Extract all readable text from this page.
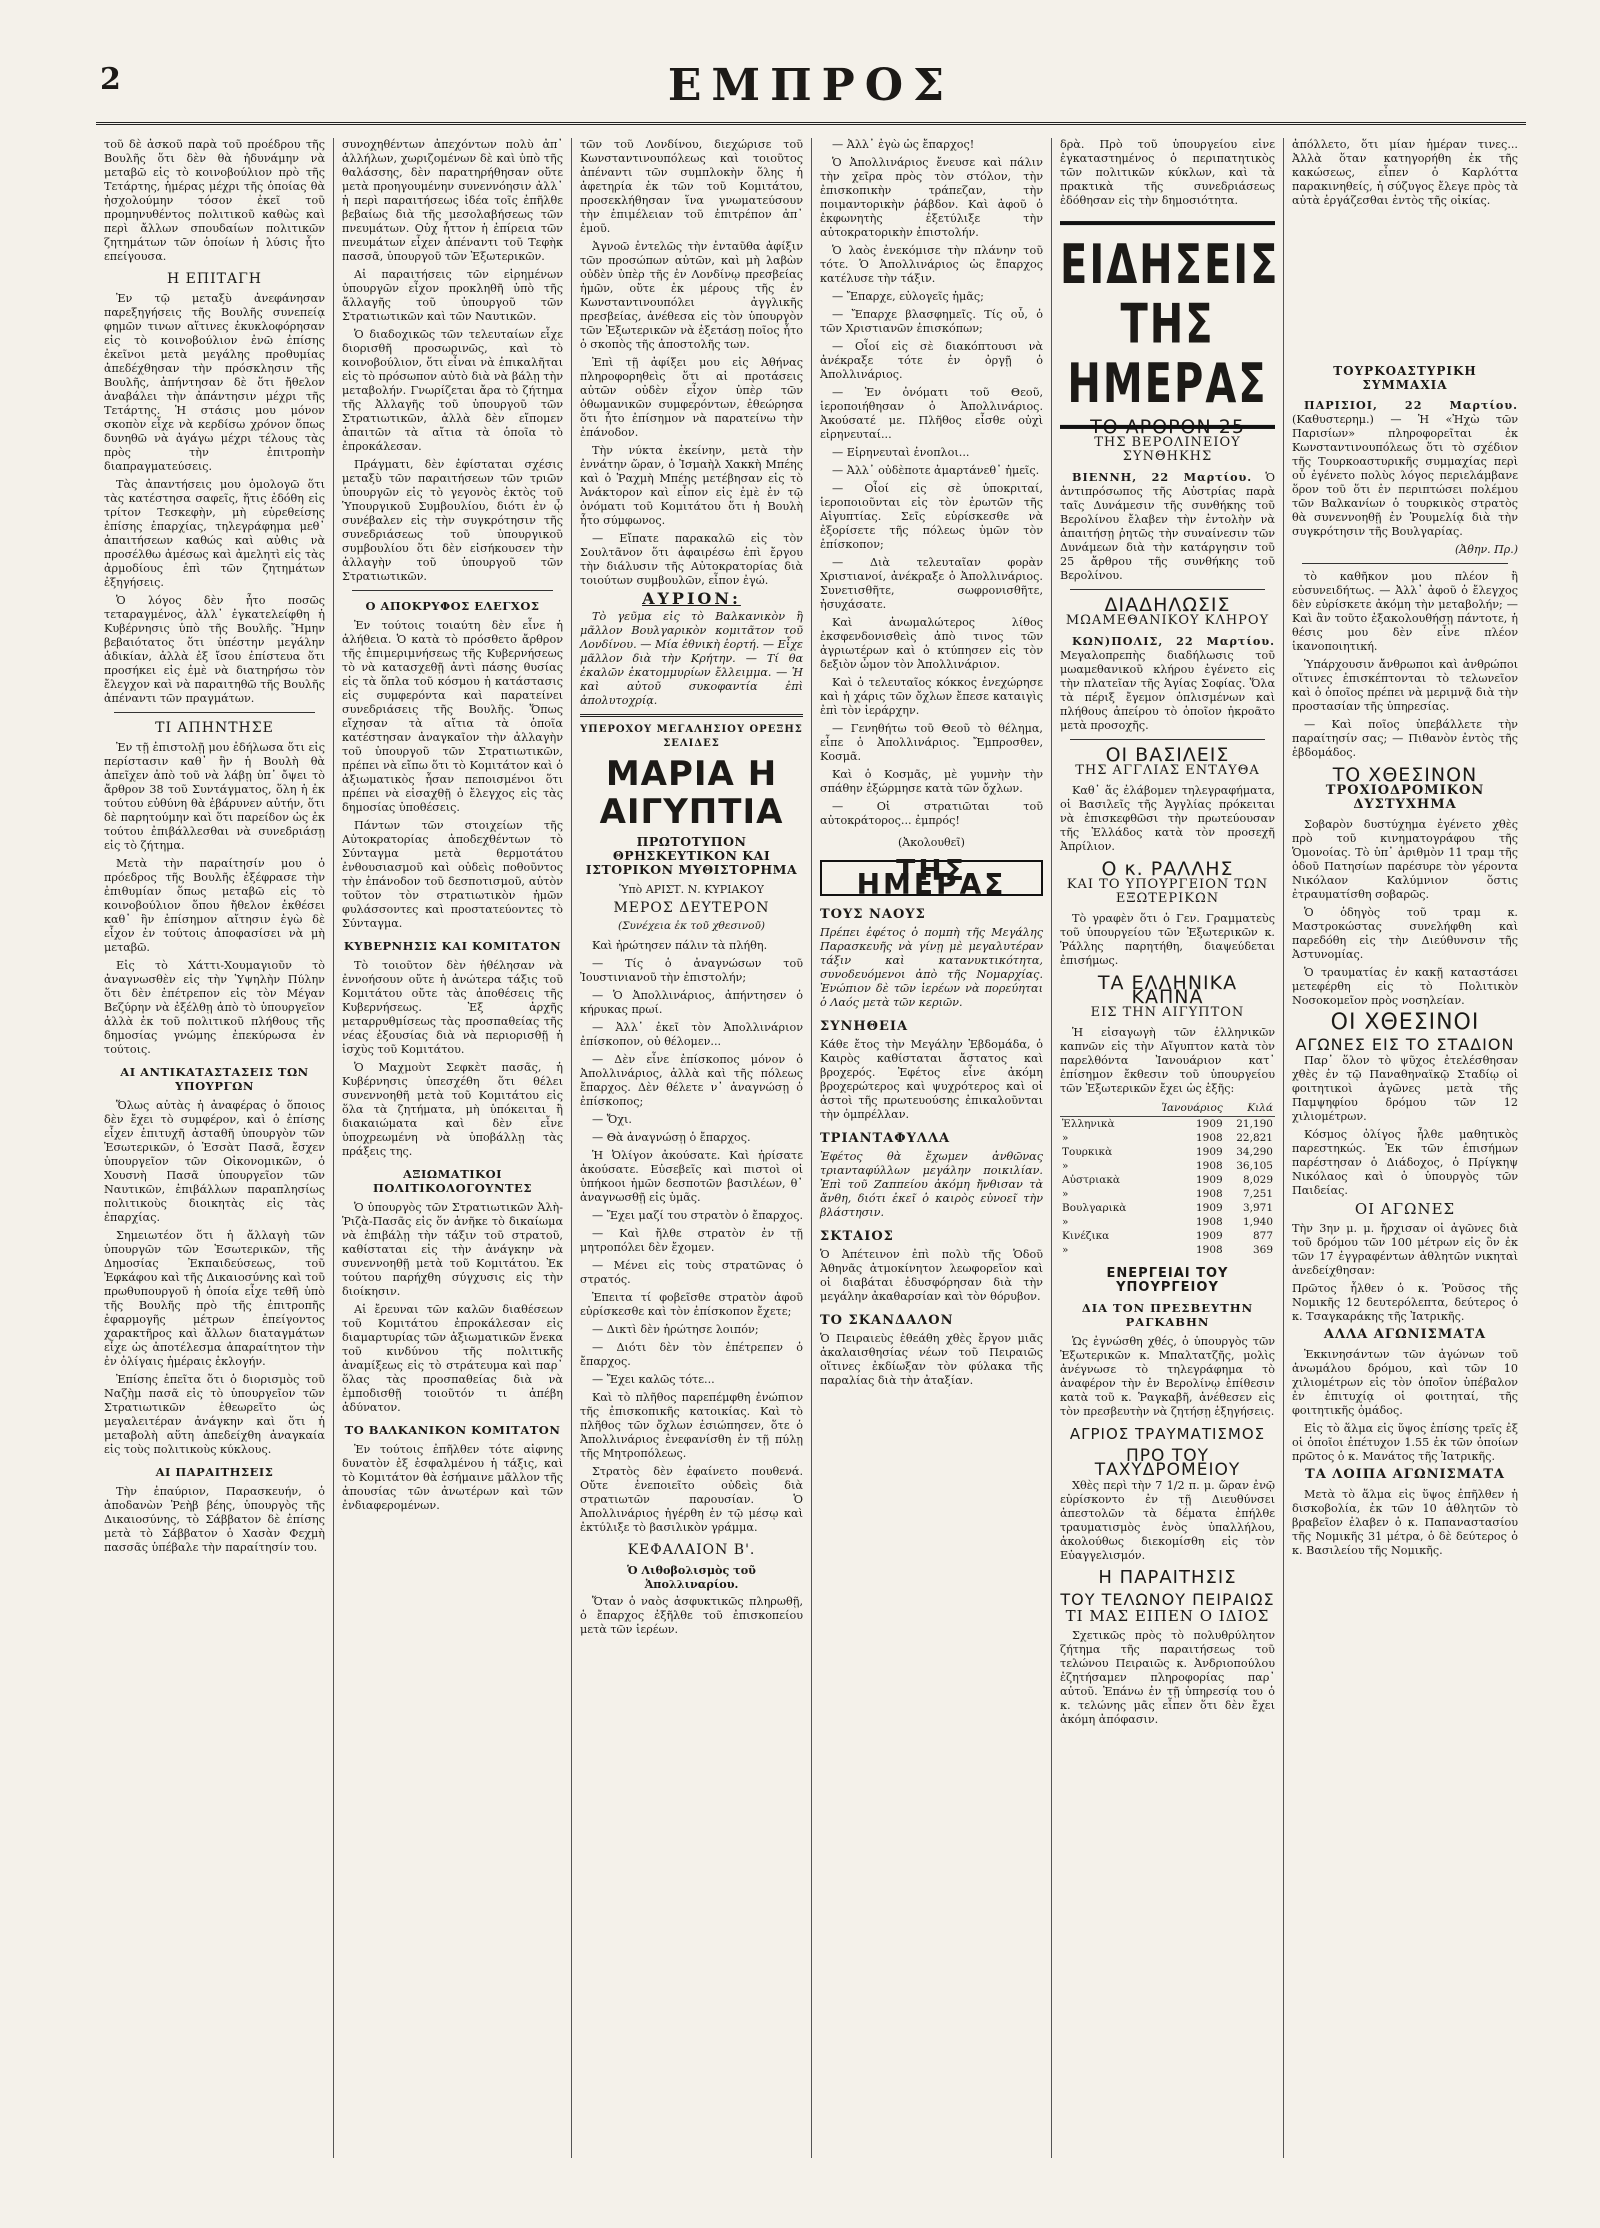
2	ΕΜΠΡΟΣ

τοῦ δὲ ἀσκοῦ παρὰ τοῦ προέδρου τῆς Βουλῆς ὅτι δὲν θὰ ἠδυνάμην νὰ μεταβῶ εἰς τὸ κοινοβούλιον πρὸ τῆς Τετάρτης, ἡμέρας μέχρι τῆς ὁποίας θὰ ἠσχολούμην τόσον ἐκεῖ τοῦ προμηνυθέντος πολιτικοῦ καθὼς καὶ περὶ ἄλλων σπουδαίων πολιτικῶν ζητημάτων τῶν ὁποίων ἡ λύσις ἦτο επείγουσα.

Η ΕΠΙΤΑΓΗ

Ἐν τῷ μεταξὺ ἀνεφάνησαν παρεξηγήσεις τῆς Βουλῆς συνεπείᾳ φημῶν τινων αἵτινες ἐκυκλοφόρησαν εἰς τὸ κοινοβούλιον ἐνῶ ἐπίσης ἐκεῖνοι μετὰ μεγάλης προθυμίας ἀπεδέχθησαν τὴν πρόσκλησιν τῆς Βουλῆς, ἀπήντησαν δὲ ὅτι ἤθελον ἀναβάλει τὴν ἀπάντησιν μέχρι τῆς Τετάρτης. Ἡ στάσις μου μόνον σκοπὸν εἶχε νὰ κερδίσω χρόνον ὅπως δυνηθῶ νὰ ἀγάγω μέχρι τέλους τὰς πρὸς τὴν ἐπιτροπὴν διαπραγματεύσεις.

Τὰς ἀπαντήσεις μου ὁμολογῶ ὅτι τὰς κατέστησα σαφεῖς, ἥτις ἐδόθη εἰς τρίτον Τεσκεφὴν, μὴ εὑρεθείσης ἐπίσης ἐπαρχίας, τηλεγράφημα μεθ᾽ ἀπαιτήσεων καθώς καὶ αὐθις νὰ προσέλθω ἀμέσως καὶ ἀμελητὶ εἰς τὰς ἀρμοδίους ἐπὶ τῶν ζητημάτων ἐξηγήσεις.

Ὁ λόγος δὲν ἦτο ποσῶς τεταραγμένος, ἀλλ᾽ ἐγκατελείφθη ἡ Κυβέρνησις ὑπὸ τῆς Βουλῆς. Ἤμην βεβαιότατος ὅτι ὑπέστην μεγάλην ἀδικίαν, ἀλλὰ ἐξ ἴσου ἐπίστευα ὅτι προσήκει εἰς ἐμὲ νὰ διατηρήσω τὸν ἔλεγχον καὶ νὰ παραιτηθῶ τῆς Βουλῆς ἀπέναντι τῶν πραγμάτων.

ΤΙ ΑΠΗΝΤΗΣΕ

Ἐν τῇ ἐπιστολῇ μου ἐδήλωσα ὅτι εἰς περίστασιν καθ᾽ ἣν ἡ Βουλὴ θὰ ἀπεῖχεν ἀπὸ τοῦ νὰ λάβῃ ὑπ᾽ ὄψει τὸ ἄρθρον 38 τοῦ Συντάγματος, ὅλη ἡ ἐκ τούτου εὐθύνη θὰ ἐβάρυνεν αὐτήν, ὅτι δὲ παρητούμην καὶ ὅτι παρείδον ὡς ἐκ τούτου ἐπιβάλλεσθαι νὰ συνεδριάσῃ εἰς τὸ ζήτημα.

Μετὰ τὴν παραίτησίν μου ὁ πρόεδρος τῆς Βουλῆς ἐξέφρασε τὴν ἐπιθυμίαν ὅπως μεταβῶ εἰς τὸ κοινοβούλιον ὅπου ἤθελον ἐκθέσει καθ᾽ ἣν ἐπίσημον αἴτησιν ἐγὼ δὲ εἶχον ἐν τούτοις ἀποφασίσει νὰ μὴ μεταβῶ.

Εἰς τὸ Χάττι-Χουμαγιοῦν τὸ ἀναγνωσθὲν εἰς τὴν Ὑψηλὴν Πύλην ὅτι δὲν ἐπέτρεπον εἰς τὸν Μέγαν Βεζύρην νὰ ἐξέλθῃ ἀπὸ τὸ ὑπουργεῖον ἀλλὰ ἐκ τοῦ πολιτικοῦ πλήθους τῆς δημοσίας γνώμης ἐπεκύρωσα ἐν τούτοις.

ΑΙ ΑΝΤΙΚΑΤΑΣΤΑΣΕΙΣ ΤΩΝ ΥΠΟΥΡΓΩΝ

Ὅλως αὐτὰς ἡ ἀναφέρας ὁ ὅποιος δὲν ἔχει τὸ συμφέρον, καὶ ὁ ἐπίσης εἶχεν ἐπιτυχῆ ἀσταθῆ ὑπουργὸν τῶν Ἐσωτερικῶν, ὁ Ἐσσὰτ Πασᾶ, ἔσχεν ὑπουργεῖον τῶν Οἰκονομικῶν, ὁ Χουσνὴ Πασᾶ ὑπουργεῖον τῶν Ναυτικῶν, ἐπιβάλλων παραπλησίως πολιτικοὺς διοικητὰς εἰς τὰς ἐπαρχίας.

Σημειωτέον ὅτι ἡ ἄλλαγὴ τῶν ὑπουργῶν τῶν Ἐσωτερικῶν, τῆς Δημοσίας Ἐκπαιδεύσεως, τοῦ Ἐφκάφου καὶ τῆς Δικαιοσύνης καὶ τοῦ πρωθυπουργοῦ ἡ ὁποία εἶχε τεθῆ ὑπὸ τῆς Βουλῆς πρὸ τῆς ἐπιτροπῆς ἐφαρμογῆς μέτρων ἐπείγοντος χαρακτῆρος καὶ ἄλλων διαταγμάτων εἶχε ὡς ἀποτέλεσμα ἀπαραίτητον τὴν ἐν ὀλίγαις ἡμέραις ἐκλογήν.

Ἐπίσης ἐπεῖτα ὅτι ὁ διορισμὸς τοῦ Ναζὴμ πασᾶ εἰς τὸ ὑπουργεῖον τῶν Στρατιωτικῶν ἐθεωρεῖτο ὡς μεγαλειτέραν ἀνάγκην καὶ ὅτι ἡ μεταβολὴ αὕτη ἀπεδείχθη ἀναγκαία εἰς τοὺς πολιτικοὺς κύκλους.

ΑΙ ΠΑΡΑΙΤΗΣΕΙΣ

Τὴν ἐπαύριον, Παρασκευήν, ὁ ἀποδανὼν Ῥεὴβ βέης, ὑπουργὸς τῆς Δικαιοσύνης, τὸ Σάββατον δὲ ἐπίσης μετὰ τὸ Σάββατον ὁ Χασὰν Φεχμὴ πασσᾶς ὑπέβαλε τὴν παραίτησίν του.

συνοχηθέντων ἀπεχόντων πολὺ ἀπ᾽ ἀλλήλων, χωριζομένων δὲ καὶ ὑπὸ τῆς θαλάσσης, δὲν παρατηρήθησαν οὔτε μετὰ προηγουμένην συνεννόησιν ἀλλ᾽ ἡ περὶ παραιτήσεως ἰδέα τοῖς ἐπῆλθε βεβαίως διὰ τῆς μεσολαβήσεως τῶν πνευμάτων. Οὐχ ἧττον ἡ ἐπίρεια τῶν πνευμάτων εἶχεν ἀπέναντι τοῦ Τεφὴκ πασσᾶ, ὑπουργοῦ τῶν Ἐξωτερικῶν.

Αἱ παραιτήσεις τῶν εἰρημένων ὑπουργῶν εἶχον προκληθῆ ὑπὸ τῆς ἄλλαγῆς τοῦ ὑπουργοῦ τῶν Στρατιωτικῶν καὶ τῶν Ναυτικῶν.

Ὁ διαδοχικῶς τῶν τελευταίων εἶχε διορισθῆ προσωρινῶς, καὶ τὸ κοινοβούλιον, ὅτι εἶναι νὰ ἐπικαλῆται εἰς τὸ πρόσωπον αὐτὸ διὰ νὰ βάλῃ τὴν μεταβολήν. Γνωρίζεται ἄρα τὸ ζήτημα τῆς Ἀλλαγῆς τοῦ ὑπουργοῦ τῶν Στρατιωτικῶν, ἀλλὰ δὲν εἴπομεν ἀπαιτῶν τὰ αἴτια τὰ ὁποῖα τὸ ἐπροκάλεσαν.

Πράγματι, δὲν ἐφίσταται σχέσις μεταξὺ τῶν παραιτήσεων τῶν τριῶν ὑπουργῶν εἰς τὸ γεγονὸς ἐκτὸς τοῦ Ὑπουργικοῦ Συμβουλίου, διότι ἐν ᾧ συνέβαλεν εἰς τὴν συγκρότησιν τῆς συνεδριάσεως τοῦ ὑπουργικοῦ συμβουλίου ὅτι δὲν εἰσήκουσεν τὴν ἀλλαγὴν τοῦ ὑπουργοῦ τῶν Στρατιωτικῶν.

Ο ΑΠΟΚΡΥΦΟΣ ΕΛΕΓΧΟΣ

Ἐν τούτοις τοιαύτη δὲν εἶνε ἡ ἀλήθεια. Ὁ κατὰ τὸ πρόσθετο ἄρθρον τῆς ἐπιμεριμνήσεως τῆς Κυβερνήσεως τὸ νὰ κατασχεθῇ ἀντὶ πάσης θυσίας εἰς τὰ ὅπλα τοῦ κόσμου ἡ κατάστασις εἰς συμφερόντα καὶ παρατείνει συνεδριάσεις τῆς Βουλῆς. Ὅπως εἴχησαν τὰ αἴτια τὰ ὁποῖα κατέστησαν ἀναγκαῖον τὴν ἀλλαγὴν τοῦ ὑπουργοῦ τῶν Στρατιωτικῶν, πρέπει νὰ εἴπω ὅτι τὸ Κομιτάτον καὶ ὁ ἀξιωματικὸς ἦσαν πεποισμένοι ὅτι πρέπει νὰ εἰσαχθῇ ὁ ἔλεγχος εἰς τὰς δημοσίας ὑποθέσεις.

Πάντων τῶν στοιχείων τῆς Αὐτοκρατορίας ἀποδεχθέντων τὸ Σύνταγμα μετὰ θερμοτάτου ἐνθουσιασμοῦ καὶ οὐδεὶς ποθοῦντος τὴν ἐπάνοδον τοῦ δεσποτισμοῦ, αὐτὸν τοῦτον τὸν στρατιωτικὸν ἡμῶν φυλάσσοντες καὶ προστατεύοντες τὸ Σύνταγμα.

ΚΥΒΕΡΝΗΣΙΣ ΚΑΙ ΚΟΜΙΤΑΤΟΝ

Τὸ τοιοῦτον δὲν ἠθέλησαν νὰ ἐννοήσουν οὔτε ἡ ἀνώτερα τάξις τοῦ Κομιτάτου οὔτε τὰς ἀποθέσεις τῆς Κυβερνήσεως. Ἐξ ἀρχῆς μεταρρυθμίσεως τὰς προσπαθείας τῆς νέας ἐξουσίας διὰ νὰ περιορισθῇ ἡ ἰσχὺς τοῦ Κομιτάτου.

Ὁ Μαχμοὺτ Σεφκὲτ πασᾶς, ἡ Κυβέρνησις ὑπεσχέθη ὅτι θέλει συνεννοηθῆ μετὰ τοῦ Κομιτάτου εἰς ὅλα τὰ ζητήματα, μὴ ὑπόκειται ἢ διακαιώματα καὶ δὲν εἶνε ὑποχρεωμένη νὰ ὑποβάλλῃ τὰς πράξεις της.

ΑΞΙΩΜΑΤΙΚΟΙ ΠΟΛΙΤΙΚΟΛΟΓΟΥΝΤΕΣ

Ὁ ὑπουργὸς τῶν Στρατιωτικῶν Ἀλὴ-Ῥιζὰ-Πασᾶς εἰς ὅν ἀνῆκε τὸ δικαίωμα νὰ ἐπιβάλῃ τὴν τάξιν τοῦ στρατοῦ, καθίσταται εἰς τὴν ἀνάγκην νὰ συνεννοηθῇ μετὰ τοῦ Κομιτάτου. Ἐκ τούτου παρήχθη σύγχυσις εἰς τὴν διοίκησιν.

Αἱ ἔρευναι τῶν καλῶν διαθέσεων τοῦ Κομιτάτου ἐπροκάλεσαν εἰς διαμαρτυρίας τῶν ἀξιωματικῶν ἕνεκα τοῦ κινδύνου τῆς πολιτικῆς ἀναμίξεως εἰς τὸ στράτευμα καὶ παρ᾽ ὅλας τὰς προσπαθείας διὰ νὰ ἐμποδισθῇ τοιοῦτόν τι ἀπέβη ἀδύνατον.

ΤΟ ΒΑΛΚΑΝΙΚΟΝ ΚΟΜΙΤΑΤΟΝ

Ἐν τούτοις ἐπῆλθεν τότε αἰφνης δυνατὸν ἐξ ἐσφαλμένου ἡ τάξις, καὶ τὸ Κομιτάτον θὰ ἐσήμαινε μᾶλλον τῆς ἀπουσίας τῶν ἀνωτέρων καὶ τῶν ἐνδιαφερομένων.

τῶν τοῦ Λονδίνου, διεχώρισε τοῦ Κωνσταντινουπόλεως καὶ τοιοῦτος ἀπέναντι τῶν συμπλοκὴν ὅλης ἡ ἀφετηρία ἐκ τῶν τοῦ Κομιτάτου, προσεκλήθησαν ἵνα γνωματεύσουν τὴν ἐπιμέλειαν τοῦ ἐπιτρέπον ἀπ᾽ ἐμοῦ.

Ἀγνοῶ ἐντελῶς τὴν ἐνταῦθα ἀφίξιν τῶν προσώπων αὐτῶν, καὶ μὴ λαβὼν οὐδὲν ὑπὲρ τῆς ἐν Λονδίνῳ πρεσβείας ἡμῶν, οὔτε ἐκ μέρους τῆς ἐν Κωνσταντινουπόλει ἀγγλικῆς πρεσβείας, ἀνέθεσα εἰς τὸν ὑπουργὸν τῶν Ἐξωτερικῶν νὰ ἐξετάσῃ ποῖος ἦτο ὁ σκοπὸς τῆς ἀποστολῆς των.

Ἐπὶ τῇ ἀφίξει μου εἰς Ἀθήνας πληροφορηθεὶς ὅτι αἱ προτάσεις αὐτῶν οὐδὲν εἶχον ὑπὲρ τῶν ὁθωμανικῶν συμφερόντων, ἐθεώρησα ὅτι ἦτο ἐπίσημον νὰ παρατείνω τὴν ἐπάνοδον.

Τὴν νύκτα ἐκείνην, μετὰ τὴν ἐννάτην ὥραν, ὁ Ἰσμαὴλ Χακκὴ Μπέης καὶ ὁ Ῥαχμὴ Μπέης μετέβησαν εἰς τὸ Ἀνάκτορον καὶ εἶπον εἰς ἐμὲ ἐν τῷ ὀνόματι τοῦ Κομιτάτου ὅτι ἡ Βουλὴ ἦτο σύμφωνος.

— Εἴπατε παρακαλῶ εἰς τὸν Σουλτᾶνον ὅτι ἀφαιρέσω ἐπὶ ἔργου τὴν διάλυσιν τῆς Αὐτοκρατορίας διὰ τοιούτων συμβουλῶν, εἶπον ἐγώ.

ΑΥΡΙΟΝ:

Τὸ γεῦμα εἰς τὸ Βαλκανικὸν ἢ μᾶλλον Βουλγαρικὸν κομιτᾶτον τοῦ Λονδίνου. — Μία ἐθνικὴ ἑορτή. — Εἶχε μᾶλλον διὰ τὴν Κρήτην. — Τί θα ἐκαλῶν ἐκατομμυρίων ἔλλειμμα. — Ἡ καὶ αὐτοῦ συκοφαντία ἐπὶ ἀπολυτοχρίᾳ.

ΥΠΕΡΟΧΟΥ ΜΕΓΑΛΗΣΙΟΥ ΟΡΕΞΗΣ ΣΕΛΙΔΕΣ
ΜΑΡΙΑ Η ΑΙΓΥΠΤΙΑ
ΠΡΩΤΟΤΥΠΟΝ ΘΡΗΣΚΕΥΤΙΚΟΝ ΚΑΙ ΙΣΤΟΡΙΚΟΝ ΜΥΘΙΣΤΟΡΗΜΑ
Ὑπὸ ΑΡΙΣΤ. Ν. ΚΥΡΙΑΚΟΥ
ΜΕΡΟΣ ΔΕΥΤΕΡΟΝ
(Συνέχεια ἐκ τοῦ χθεσινοῦ)

Καὶ ἠρώτησεν πάλιν τὰ πλήθη.

— Τίς ὁ ἀναγνώσων τοῦ Ἰουστινιανοῦ τὴν ἐπιστολήν;

— Ὁ Ἀπολλινάριος, ἀπήντησεν ὁ κήρυκας πρωί.

— Ἀλλ᾽ ἐκεῖ τὸν Ἀπολλινάριον ἐπίσκοπον, οὐ θέλομεν...

— Δὲν εἶνε ἐπίσκοπος μόνον ὁ Ἀπολλινάριος, ἀλλὰ καὶ τῆς πόλεως ἔπαρχος. Δὲν θέλετε ν᾽ ἀναγνώσῃ ὁ ἐπίσκοπος;

— Ὄχι.

— Θὰ ἀναγνώσῃ ὁ ἔπαρχος.

Ἡ Ὀλίγον ἀκούσατε. Καὶ ἠρίσατε ἀκούσατε. Εὐσεβεῖς καὶ πιστοὶ οἱ ὑπήκοοι ἡμῶν δεσποτῶν βασιλέων, θ᾽ ἀναγνωσθῇ εἰς ὑμᾶς.

— Ἔχει μαζί του στρατὸν ὁ ἔπαρχος.

— Καὶ ἤλθε στρατὸν ἐν τῇ μητροπόλει δὲν ἔχομεν.

— Μένει εἰς τοὺς στρατῶνας ὁ στρατός.

Ἐπειτα τί φοβεῖσθε στρατὸν ἀφοῦ εὐρίσκεσθε καὶ τὸν ἐπίσκοπον ἔχετε;

— Δικτὶ δὲν ἠρώτησε λοιπόν;

— Διότι δὲν τὸν ἐπέτρεπεν ὁ ἔπαρχος.

— Ἔχει καλῶς τότε...

Καὶ τὸ πλῆθος παρεπέμφθη ἐνώπιον τῆς ἐπισκοπικῆς κατοικίας. Καὶ τὸ πλῆθος τῶν ὄχλων ἐσιώπησεν, ὅτε ὁ Ἀπολλινάριος ἐνεφανίσθη ἐν τῇ πύλῃ τῆς Μητροπόλεως.

Στρατὸς δὲν ἐφαίνετο πουθενά. Οὔτε ἐνεποιεῖτο οὐδεὶς διὰ στρατιωτῶν παρουσίαν. Ὁ Ἀπολλινάριος ἠγέρθη ἐν τῷ μέσῳ καὶ ἐκτύλιξε τὸ βασιλικὸν γράμμα.

ΚΕΦΑΛΑΙΟΝ Β'.

Ὁ Λιθοβολισμὸς τοῦ Ἀπολλιναρίου.

Ὅταν ὁ ναὸς ἀσφυκτικῶς πληρωθῇ, ὁ ἔπαρχος ἐξῆλθε τοῦ ἐπισκοπείου μετὰ τῶν ἱερέων.

— Ἀλλ᾽ ἐγὼ ὡς ἔπαρχος!

Ὁ Ἀπολλινάριος ἔνευσε καὶ πάλιν τὴν χεῖρα πρὸς τὸν στόλον, τὴν ἐπισκοπικὴν τράπεζαν, τὴν ποιμαντορικὴν ῥάβδον. Καὶ ἀφοῦ ὁ ἐκφωνητὴς ἐξετύλιξε τὴν αὐτοκρατορικὴν ἐπιστολήν.

Ὁ λαὸς ἐνεκόμισε τὴν πλάνην τοῦ τότε. Ὁ Ἀπολλινάριος ὡς ἔπαρχος κατέλυσε τὴν τάξιν.

— Ἔπαρχε, εὐλογεῖς ἡμᾶς;

— Ἔπαρχε βλασφημεῖς. Τίς οὗ, ὁ τῶν Χριστιανῶν ἐπισκόπων;

— Οἶοί εἰς σὲ διακόπτουσι νὰ ἀνέκραξε τότε ἐν ὀργῇ ὁ Ἀπολλινάριος.

— Ἐν ὀνόματι τοῦ Θεοῦ, ἱεροποιήθησαν ὁ Ἀπολλινάριος. Ἀκούσατέ με. Πλῆθος εἶσθε οὐχὶ εἰρηνευταί...

— Εἰρηνευταὶ ἐνοπλοι...

— Ἀλλ᾽ οὐδὲποτε ἀμαρτάνεθ᾽ ἡμεῖς.

— Οἶοί εἰς σὲ ὑποκριταί, ἱεροποιοῦνται εἰς τὸν ἐρωτῶν τῆς Αἰγυπτίας. Σεῖς εὑρίσκεσθε νὰ ἐξορίσετε τῆς πόλεως ὑμῶν τὸν ἐπίσκοπον;

— Διὰ τελευταῖαν φορὰν Χριστιανοί, ἀνέκραξε ὁ Ἀπολλινάριος. Συνετισθῆτε, σωφρονισθῆτε, ἠσυχάσατε.

Καὶ ἀνωμαλώτερος λίθος ἐκσφενδονισθεὶς ἀπὸ τινος τῶν ἀγριωτέρων καὶ ὁ κτύπησεν εἰς τὸν δεξιὸν ὦμον τὸν Ἀπολλινάριον.

Καὶ ὁ τελευταῖος κόκκος ἐνεχώρησε καὶ ἡ χάρις τῶν ὄχλων ἔπεσε καταιγὶς ἐπὶ τὸν ἱεράρχην.

— Γενηθήτω τοῦ Θεοῦ τὸ θέλημα, εἶπε ὁ Ἀπολλινάριος. Ἔμπροσθεν, Κοσμᾶ.

Καὶ ὁ Κοσμᾶς, μὲ γυμνὴν τὴν σπάθην ἐξώρμησε κατὰ τῶν ὄχλων.

— Οἱ στρατιῶται τοῦ αὐτοκράτορος... ἐμπρός!

(Ἀκολουθεῖ)
ΤΗΣ ΗΜΕΡΑΣ
ΤΟΥΣ ΝΑΟΥΣ

Πρέπει ἐφέτος ὁ πομπὴ τῆς Μεγάλης Παρασκευῆς νὰ γίνῃ μὲ μεγαλυτέραν τάξιν καὶ κατανυκτικότητα, συνοδευόμενοι ἀπὸ τῆς Νομαρχίας. Ἐνώπιον δὲ τῶν ἱερέων νὰ πορεύηται ὁ Λαός μετὰ τῶν κεριῶν.

ΣΥΝΗΘΕΙΑ

Κάθε ἔτος τὴν Μεγάλην Ἑβδομάδα, ὁ Καιρὸς καθίσταται ἄστατος καὶ βροχερός. Ἐφέτος εἶνε ἀκόμη βροχερώτερος καὶ ψυχρότερος καὶ οἱ ἀστοὶ τῆς πρωτευούσης ἐπικαλοῦνται τὴν ὀμπρέλλαν.

ΤΡΙΑΝΤΑΦΥΛΛΑ

Ἐφέτος θὰ ἔχωμεν ἀνθῶνας τριανταφύλλων μεγάλην ποικιλίαν. Ἐπὶ τοῦ Ζαππείου ἀκόμη ἤνθισαν τὰ ἄνθη, διότι ἐκεῖ ὁ καιρὸς εὐνοεῖ τὴν βλάστησιν.

ΣΚΤΑΙΟΣ

Ὁ Ἀπέτεινον ἐπὶ πολὺ τῆς Ὁδοῦ Ἀθηνᾶς ἀτμοκίνητον λεωφορεῖον καὶ οἱ διαβάται ἐδυσφόρησαν διὰ τὴν μεγάλην ἀκαθαρσίαν καὶ τὸν θόρυβον.

ΤΟ ΣΚΑΝΔΑΛΟΝ

Ὁ Πειραιεὺς ἐθεάθη χθὲς ἔργον μιᾶς ἀκαλαισθησίας νέων τοῦ Πειραιῶς οἵτινες ἐκδίωξαν τὸν φύλακα τῆς παραλίας διὰ τὴν ἀταξίαν.

δρὰ. Πρὸ τοῦ ὑπουργείου εἶνε ἐγκαταστημένος ὁ περιπατητικὸς τῶν πολιτικῶν κύκλων, καὶ τὰ πρακτικὰ τῆς συνεδριάσεως ἐδόθησαν εἰς τὴν δημοσιότητα.

ΕΙΔΗΣΕΙΣ ΤΗΣ ΗΜΕΡΑΣ
ΤΟ ΑΡΘΡΟΝ 25
ΤΗΣ ΒΕΡΟΛΙΝΕΙΟΥ ΣΥΝΘΗΚΗΣ

ΒΙΕΝΝΗ, 22 Μαρτίου. Ὁ ἀντιπρόσωπος τῆς Αὐστρίας παρὰ ταῖς Δυνάμεσιν τῆς συνθήκης τοῦ Βερολίνου ἔλαβεν τὴν ἐντολὴν νὰ ἀπαιτήσῃ ῥητῶς τὴν συναίνεσιν τῶν Δυνάμεων διὰ τὴν κατάργησιν τοῦ 25 ἄρθρου τῆς συνθήκης τοῦ Βερολίνου.

ΔΙΑΔΗΛΩΣΙΣ
ΜΩΑΜΕΘΑΝΙΚΟΥ ΚΛΗΡΟΥ

ΚΩΝ)ΠΟΛΙΣ, 22 Μαρτίου. Μεγαλοπρεπὴς διαδήλωσις τοῦ μωαμεθανικοῦ κλήρου ἐγένετο εἰς τὴν πλατεῖαν τῆς Ἁγίας Σοφίας. Ὅλα τὰ πέριξ ἔγεμον ὀπλισμένων καὶ πλήθους ἀπείρου τὸ ὁποῖον ἠκροᾶτο μετὰ προσοχῆς.

ΟΙ ΒΑΣΙΛΕΙΣ
ΤΗΣ ΑΓΓΛΙΑΣ ΕΝΤΑΥΘΑ

Καθ᾽ ἅς ἐλάβομεν τηλεγραφήματα, οἱ Βασιλεῖς τῆς Ἀγγλίας πρόκειται νὰ ἐπισκεφθῶσι τὴν πρωτεύουσαν τῆς Ἑλλάδος κατὰ τὸν προσεχῆ Ἀπρίλιον.

Ο κ. ΡΑΛΛΗΣ
ΚΑΙ ΤΟ ΥΠΟΥΡΓΕΙΟΝ ΤΩΝ ΕΞΩΤΕΡΙΚΩΝ

Τὸ γραφὲν ὅτι ὁ Γεν. Γραμματεὺς τοῦ ὑπουργείου τῶν Ἐξωτερικῶν κ. Ῥάλλης παρητήθη, διαψεύδεται ἐπισήμως.

ΤΑ ΕΛΛΗΝΙΚΑ ΚΑΠΝΑ
ΕΙΣ ΤΗΝ ΑΙΓΥΠΤΟΝ

Ἡ εἰσαγωγὴ τῶν ἑλληνικῶν καπνῶν εἰς τὴν Αἴγυπτον κατὰ τὸν παρελθόντα Ἰανουάριον κατ᾽ ἐπίσημον ἔκθεσιν τοῦ ὑπουργείου τῶν Ἐξωτερικῶν ἔχει ὡς ἑξῆς:

	Ἰανουάριος	Κιλά
Ἑλληνικὰ	1909	21,190
»	1908	22,821
Τουρκικὰ	1909	34,290
»	1908	36,105
Αὐστριακὰ	1909	8,029
»	1908	7,251
Βουλγαρικὰ	1909	3,971
»	1908	1,940
Κινέζικα	1909	877
»	1908	369
ΕΝΕΡΓΕΙΑΙ ΤΟΥ ΥΠΟΥΡΓΕΙΟΥ
ΔΙΑ ΤΟΝ ΠΡΕΣΒΕΥΤΗΝ ΡΑΓΚΑΒΗΝ

Ὡς ἐγνώσθη χθές, ὁ ὑπουργὸς τῶν Ἐξωτερικῶν κ. Μπαλτατζῆς, μολὶς ἀνέγνωσε τὸ τηλεγράφημα τὸ ἀναφέρον τὴν ἐν Βερολίνῳ ἐπίθεσιν κατὰ τοῦ κ. Ῥαγκαβῆ, ἀνέθεσεν εἰς τὸν πρεσβευτὴν νὰ ζητήσῃ ἐξηγήσεις.

ΑΓΡΙΟΣ ΤΡΑΥΜΑΤΙΣΜΟΣ
ΠΡΟ ΤΟΥ ΤΑΧΥΔΡΟΜΕΙΟΥ

Χθὲς περὶ τὴν 7 1/2 π. μ. ὥραν ἐνῷ εὑρίσκοντο ἐν τῇ Διευθύνσει ἀπεστολῶν τὰ δέματα ἐπήλθε τραυματισμὸς ἑνὸς ὑπαλλήλου, ἀκολούθως διεκομίσθη εἰς τὸν Εὐαγγελισμόν.

Η ΠΑΡΑΙΤΗΣΙΣ
ΤΟΥ ΤΕΛΩΝΟΥ ΠΕΙΡΑΙΩΣ
ΤΙ ΜΑΣ ΕΙΠΕΝ Ο ΙΔΙΟΣ

Σχετικῶς πρὸς τὸ πολυθρύλητον ζήτημα τῆς παραιτήσεως τοῦ τελώνου Πειραιῶς κ. Ἀνδριοπούλου ἐζητήσαμεν πληροφορίας παρ᾽ αὐτοῦ. Ἐπάνω ἐν τῇ ὑπηρεσίᾳ του ὁ κ. τελώνης μᾶς εἶπεν ὅτι δὲν ἔχει ἀκόμη ἀπόφασιν.

ἀπόλλετο, ὅτι μίαν ἡμέραν τινες... Ἀλλὰ ὅταν κατηγορήθη ἐκ τῆς κακώσεως, εἶπεν ὁ Καρλόττα παρακινηθείς, ἡ σύζυγος ἔλεγε πρὸς τὰ αὐτὰ ἐργάζεσθαι ἐντὸς τῆς οἰκίας.

ΤΟΥΡΚΟΑΣΤΥΡΙΚΗ ΣΥΜΜΑΧΙΑ

ΠΑΡΙΣΙΟΙ, 22 Μαρτίου. (Καθυστερημ.) — Ἡ «Ἠχὼ τῶν Παρισίων» πληροφορεῖται ἐκ Κωνσταντινουπόλεως ὅτι τὸ σχέδιον τῆς Τουρκοαστυρικῆς συμμαχίας περὶ οὗ ἐγένετο πολὺς λόγος περιελάμβανε ὅρον τοῦ ὅτι ἐν περιπτώσει πολέμου τῶν Βαλκανίων ὁ τουρκικὸς στρατὸς θὰ συνεννοηθῇ ἐν Ῥουμελίᾳ διὰ τὴν συγκρότησιν τῆς Βουλγαρίας.

(Ἀθην. Πρ.)

τὸ καθῆκον μου πλέον ἢ εὐσυνειδήτως. — Ἀλλ᾽ ἀφοῦ ὁ ἔλεγχος δὲν εὑρίσκετε ἀκόμη τὴν μεταβολήν; — Καὶ ἂν τοῦτο ἐξακολουθήσῃ πάντοτε, ἡ θέσις μου δὲν εἶνε πλέον ἱκανοποιητική.

Ὑπάρχουσιν ἄνθρωποι καὶ ἀνθρώποι οἵτινες ἐπισκέπτονται τὸ τελωνεῖον καὶ ὁ ὁποῖος πρέπει νὰ μεριμνᾷ διὰ τὴν προστασίαν τῆς ὑπηρεσίας.

— Καὶ ποῖος ὑπεβάλλετε τὴν παραίτησίν σας; — Πιθανὸν ἐντὸς τῆς ἑβδομάδος.

ΤΟ ΧΘΕΣΙΝΟΝ
ΤΡΟΧΙΟΔΡΟΜΙΚΟΝ ΔΥΣΤΥΧΗΜΑ

Σοβαρὸν δυστύχημα ἐγένετο χθὲς πρὸ τοῦ κινηματογράφου τῆς Ὁμονοίας. Τὸ ὑπ᾽ ἀριθμὸν 11 τραμ τῆς ὁδοῦ Πατησίων παρέσυρε τὸν γέροντα Νικόλαον Καλύμνιον ὅστις ἐτραυματίσθη σοβαρῶς.

Ὁ ὁδηγὸς τοῦ τραμ κ. Μαστροκώστας συνελήφθη καὶ παρεδόθη εἰς τὴν Διεύθυνσιν τῆς Ἀστυνομίας.

Ὁ τραυματίας ἐν κακῇ καταστάσει μετεφέρθη εἰς τὸ Πολιτικὸν Νοσοκομεῖον πρὸς νοσηλείαν.

ΟΙ ΧΘΕΣΙΝΟΙ
ΑΓΩΝΕΣ ΕΙΣ ΤΟ ΣΤΑΔΙΟΝ

Παρ᾽ ὅλον τὸ ψῦχος ἐτελέσθησαν χθὲς ἐν τῷ Παναθηναϊκῷ Σταδίῳ οἱ φοιτητικοὶ ἀγῶνες μετὰ τῆς Παμψηφίου δρόμου τῶν 12 χιλιομέτρων.

Κόσμος ὀλίγος ἦλθε μαθητικὸς παρεστηκώς. Ἐκ τῶν ἐπισήμων παρέστησαν ὁ Διάδοχος, ὁ Πρίγκηψ Νικόλαος καὶ ὁ ὑπουργὸς τῶν Παιδείας.

ΟΙ ΑΓΩΝΕΣ

Τὴν 3ην μ. μ. ἤρχισαν οἱ ἀγῶνες διὰ τοῦ δρόμου τῶν 100 μέτρων εἰς ὃν ἐκ τῶν 17 ἐγγραφέντων ἀθλητῶν νικηταὶ ἀνεδείχθησαν:

Πρῶτος ἦλθεν ὁ κ. Ῥοῦσος τῆς Νομικῆς 12 δευτερόλεπτα, δεύτερος ὁ κ. Τσαγκαράκης τῆς Ἰατρικῆς.

ΑΛΛΑ ΑΓΩΝΙΣΜΑΤΑ

Ἐκκινησάντων τῶν ἀγώνων τοῦ ἀνωμάλου δρόμου, καὶ τῶν 10 χιλιομέτρων εἰς τὸν ὁποῖον ὑπέβαλον ἐν ἐπιτυχίᾳ οἱ φοιτηταί, τῆς φοιτητικῆς ὁμάδος.

Εἰς τὸ ἅλμα εἰς ὕψος ἐπίσης τρεῖς ἐξ οἱ ὁποῖοι ἐπέτυχον 1.55 ἐκ τῶν ὁποίων πρῶτος ὁ κ. Μανάτος τῆς Ἰατρικῆς.

ΤΑ ΛΟΙΠΑ ΑΓΩΝΙΣΜΑΤΑ

Μετὰ τὸ ἅλμα εἰς ὕψος ἐπῆλθεν ἡ δισκοβολία, ἐκ τῶν 10 ἀθλητῶν τὸ βραβεῖον ἐλαβεν ὁ κ. Παπαναστασίου τῆς Νομικῆς 31 μέτρα, ὁ δὲ δεύτερος ὁ κ. Βασιλείου τῆς Νομικῆς.
